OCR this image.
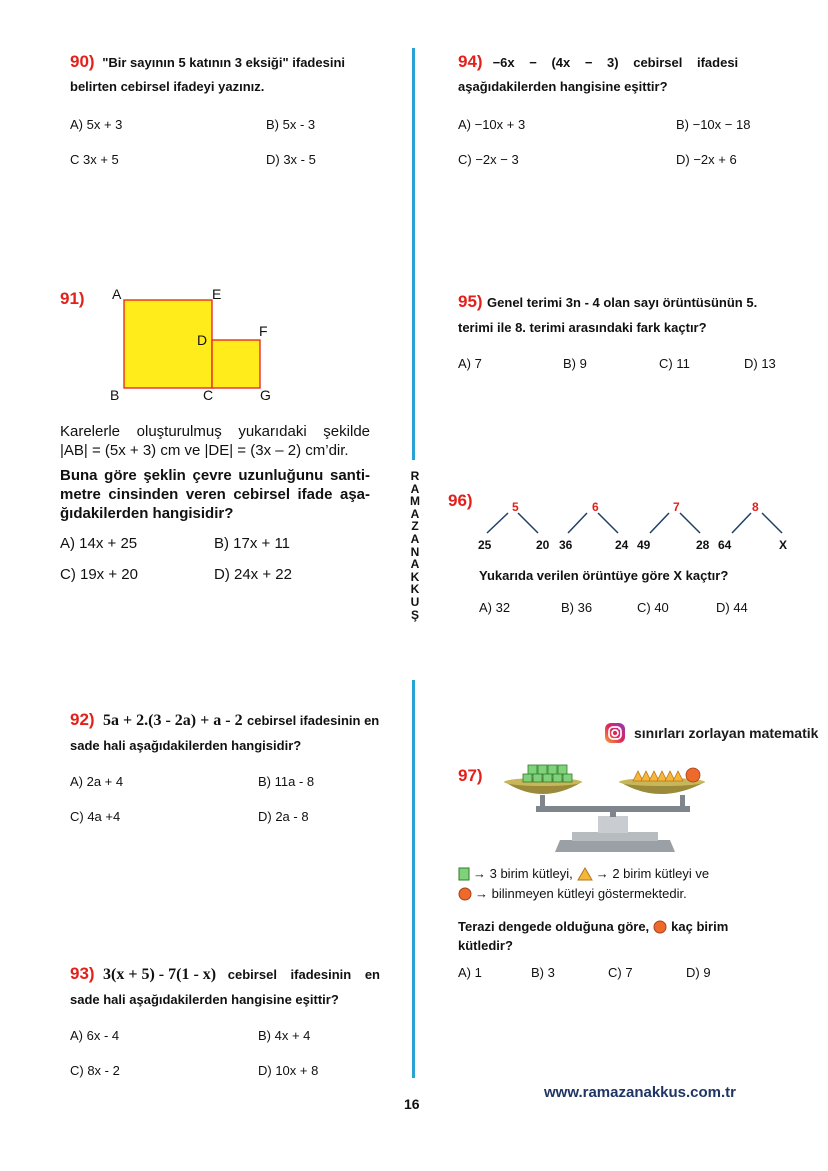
R
A
M
A
Z
A
N
A
K
K
U
Ş
90) "Bir sayının 5 katının 3 eksiği" ifadesini
belirten cebirsel ifadeyi yazınız.
A) 5x + 3	B) 5x - 3
C 3x + 5	D) 3x - 5
91) A	E
D
F
B	C	G
Karelerle oluşturulmuş yukarıdaki şekilde
|AB| = (5x + 3) cm ve |DE| = (3x – 2) cm’dir.
Buna göre şeklin çevre uzunluğunu santi-
metre cinsinden veren cebirsel ifade aşa-
ğıdakilerden hangisidir?
A) 14x + 25	B) 17x + 11
C) 19x + 20	D) 24x + 22
92) 5a + 2.(3 - 2a) + a - 2 cebirsel ifadesinin en
sade hali aşağıdakilerden hangisidir?
A) 2a + 4	B) 11a - 8
C) 4a +4	D) 2a - 8
93) 3(x + 5) - 7(1 - x) cebirsel ifadesinin en
sade hali aşağıdakilerden hangisine eşittir?
A) 6x - 4	B) 4x + 4
C) 8x - 2	D) 10x + 8
94) −6x − (4x − 3) cebirsel ifadesi
aşağıdakilerden hangisine eşittir?
A) −10x + 3	B) −10x − 18
C) −2x − 3	D) −2x + 6
95) Genel terimi 3n - 4 olan sayı örüntüsünün 5.
terimi ile 8. terimi arasındaki fark kaçtır?
A) 7	B) 9	C) 11	D) 13
96)	5	6	7	8
25	20 36	24 49	28 64	X
Yukarıda verilen örüntüye göre X kaçtır?
A) 32	B) 36	C) 40	D) 44
sınırları zorlayan matematik
97)
→ 3 birim kütleyi, → 2 birim kütleyi ve
→ bilinmeyen kütleyi göstermektedir.
Terazi dengede olduğuna göre, kaç birim
kütledir?
A) 1	B) 3	C) 7	D) 9
16
www.ramazanakkus.com.tr
